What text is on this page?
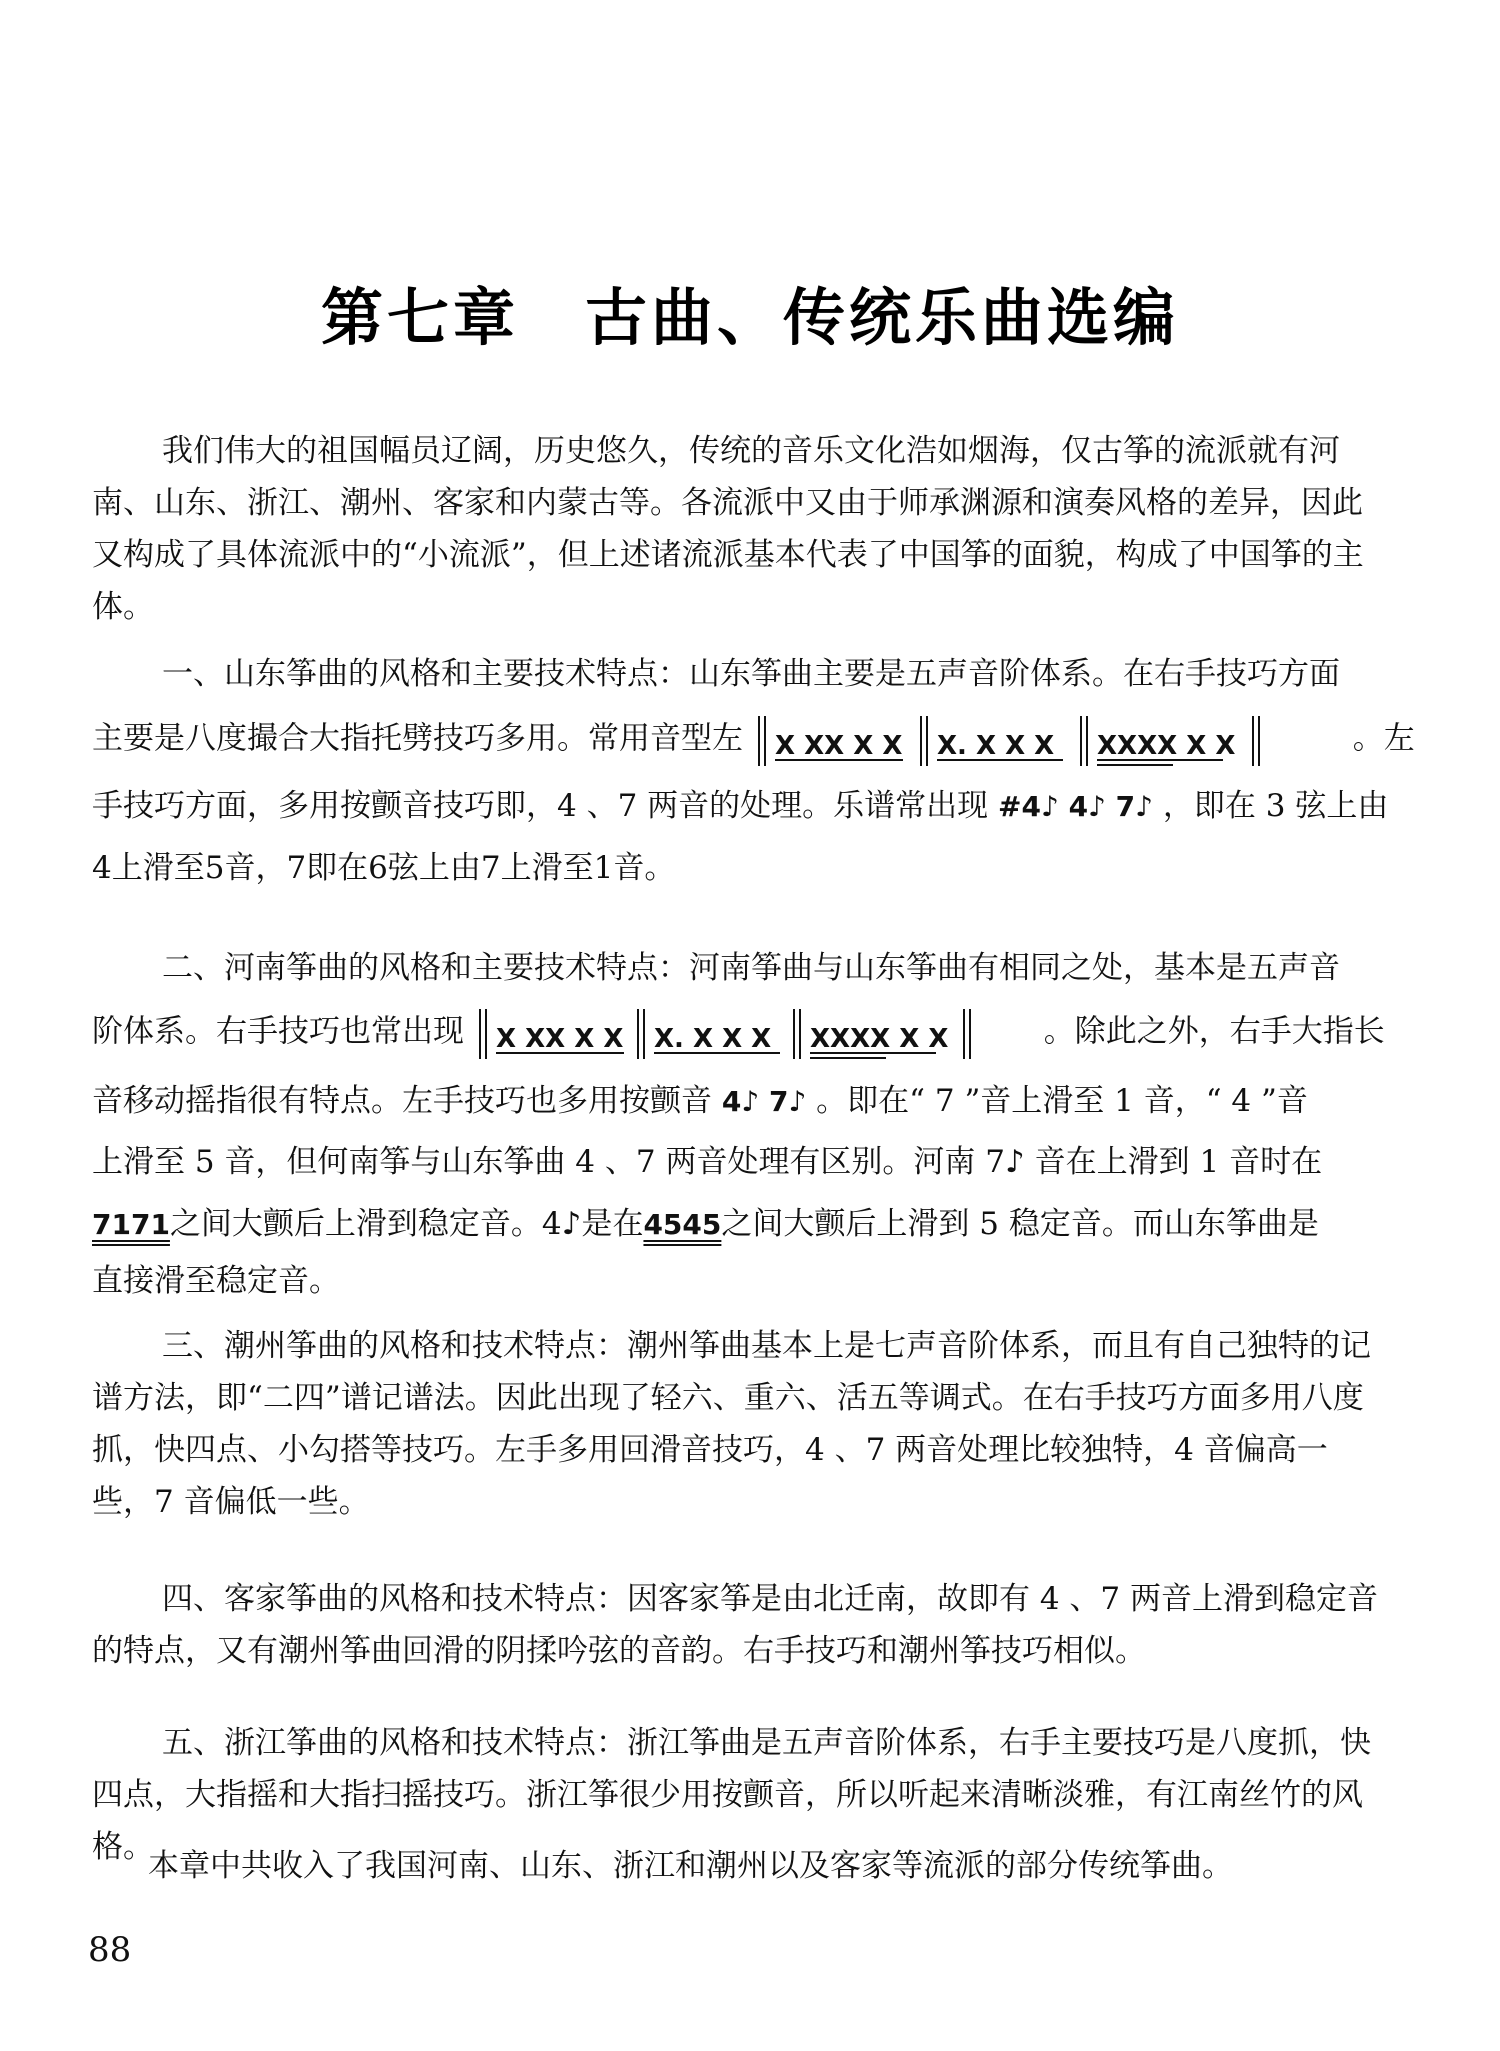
第七章　古曲、传统乐曲选编

我们伟大的祖国幅员辽阔，历史悠久，传统的音乐文化浩如烟海，仅古筝的流派就有河南、山东、浙江、潮州、客家和内蒙古等。各流派中又由于师承渊源和演奏风格的差异，因此又构成了具体流派中的“小流派”，但上述诸流派基本代表了中国筝的面貌，构成了中国筝的主体。

一、山东筝曲的风格和主要技术特点：山东筝曲主要是五声音阶体系。在右手技巧方面
主要是八度撮合大指托劈技巧多用。常用音型左 X XX X X X. X X X XXXX X X	。左
手技巧方面，多用按颤音技巧即，4 、7 两音的处理。乐谱常出现 #4♪ 4♪ 7♪ ，即在 3 弦上由
4上滑至5音，7即在6弦上由7上滑至1音。
二、河南筝曲的风格和主要技术特点：河南筝曲与山东筝曲有相同之处，基本是五声音
阶体系。右手技巧也常出现 X XX X X X. X X X XXXX X X	。除此之外，右手大指长
音移动摇指很有特点。左手技巧也多用按颤音 4♪ 7♪ 。即在“ 7 ”音上滑至 1 音，“ 4 ”音
上滑至 5 音，但何南筝与山东筝曲 4 、7 两音处理有区别。河南 7♪ 音在上滑到 1 音时在
7171之间大颤后上滑到稳定音。4♪是在4545之间大颤后上滑到 5 稳定音。而山东筝曲是
直接滑至稳定音。

三、潮州筝曲的风格和技术特点：潮州筝曲基本上是七声音阶体系，而且有自己独特的记谱方法，即“二四”谱记谱法。因此出现了轻六、重六、活五等调式。在右手技巧方面多用八度抓，快四点、小勾搭等技巧。左手多用回滑音技巧，4 、7 两音处理比较独特，4 音偏高一些，7 音偏低一些。

四、客家筝曲的风格和技术特点：因客家筝是由北迁南，故即有 4 、7 两音上滑到稳定音的特点，又有潮州筝曲回滑的阴揉吟弦的音韵。右手技巧和潮州筝技巧相似。

五、浙江筝曲的风格和技术特点：浙江筝曲是五声音阶体系，右手主要技巧是八度抓，快四点，大指摇和大指扫摇技巧。浙江筝很少用按颤音，所以听起来清晰淡雅，有江南丝竹的风格。

本章中共收入了我国河南、山东、浙江和潮州以及客家等流派的部分传统筝曲。
88
